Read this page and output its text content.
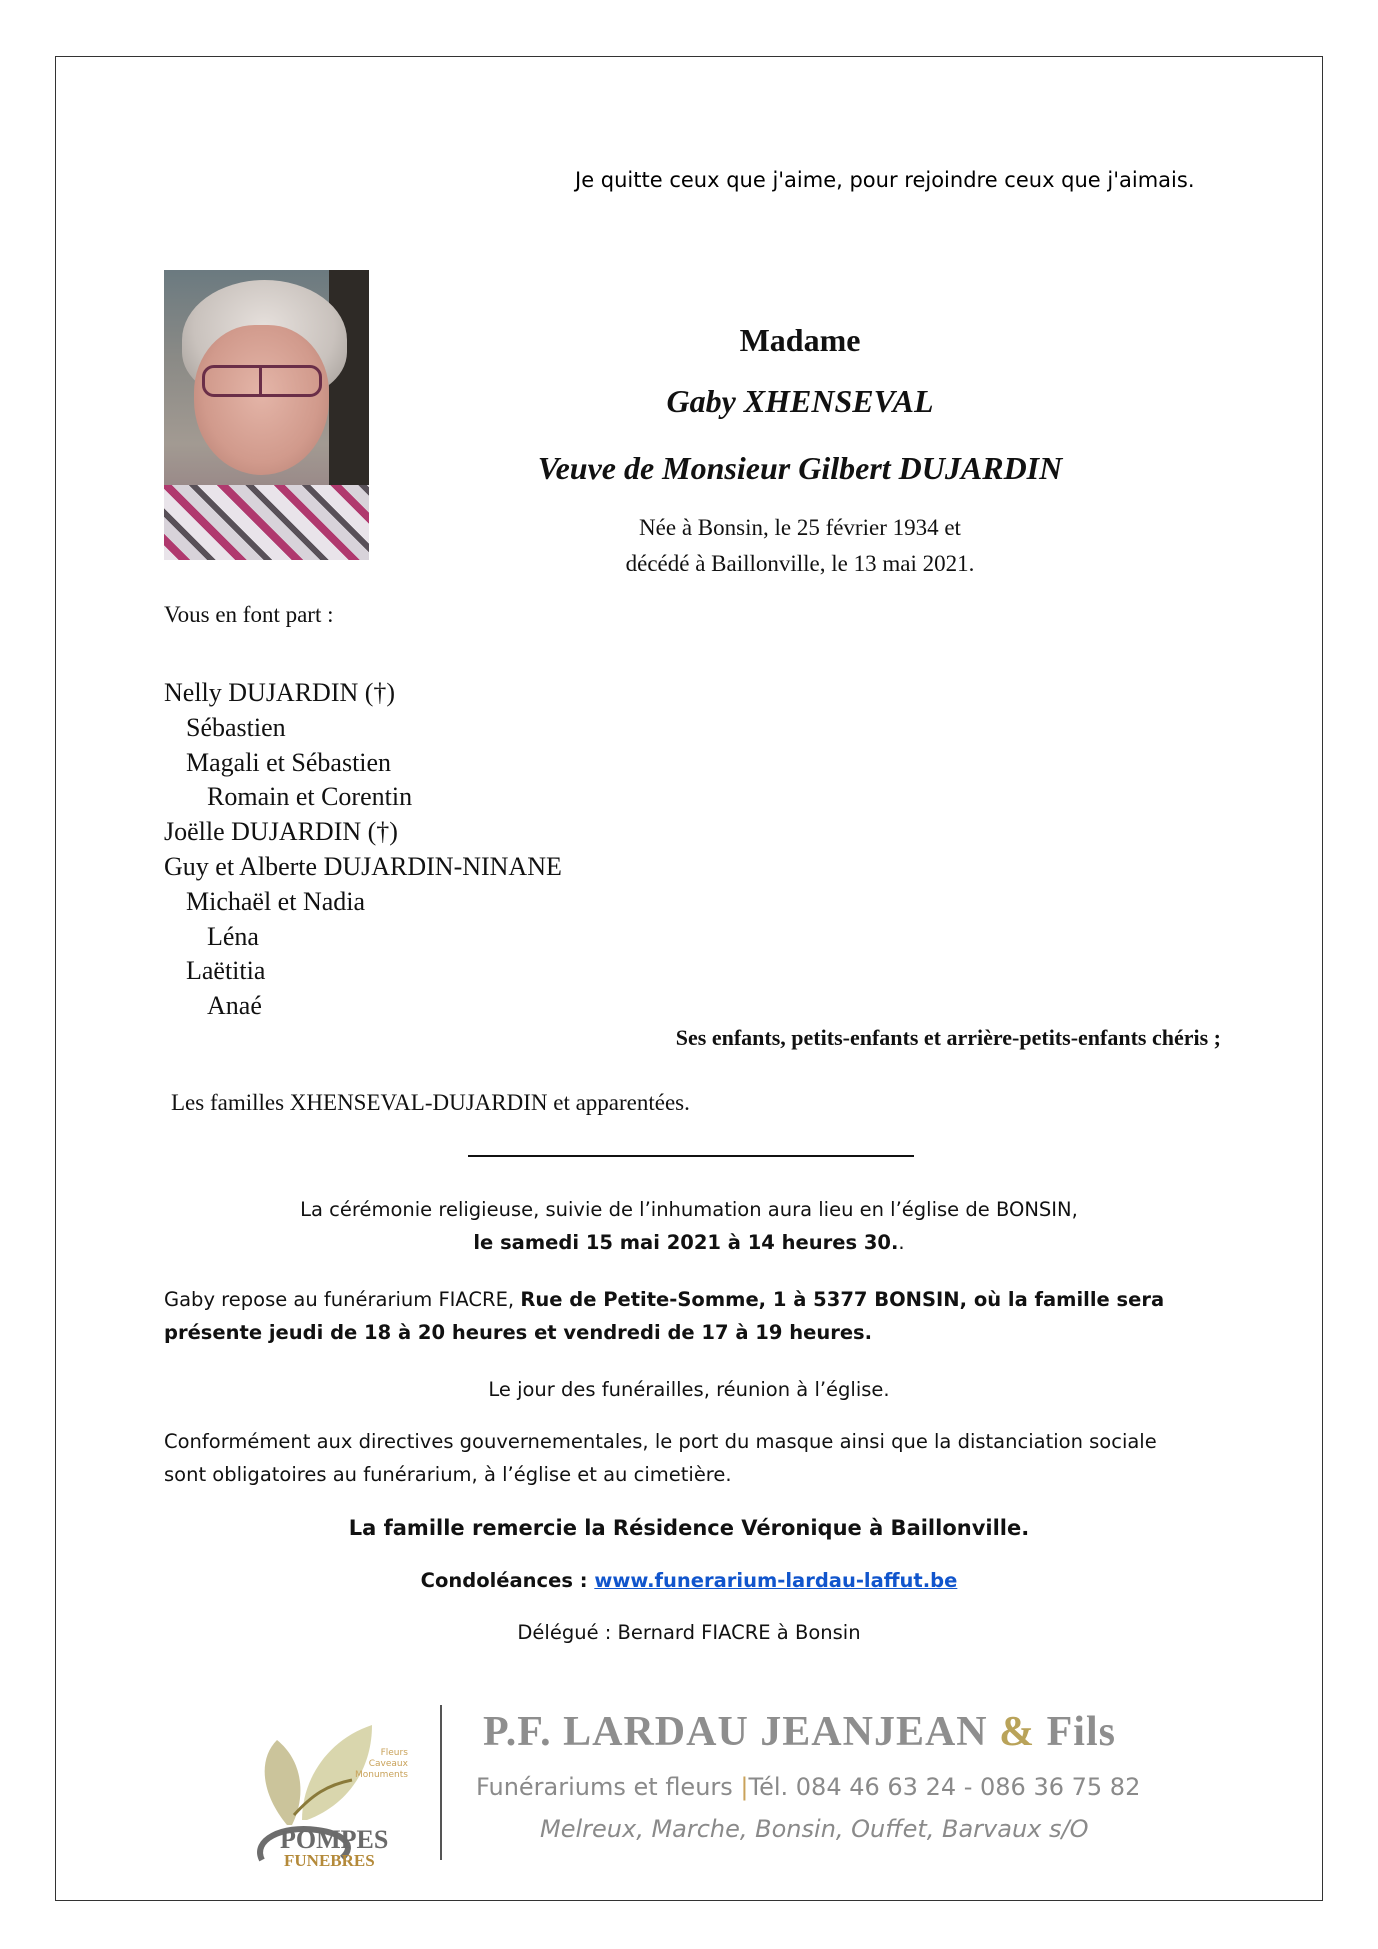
Je quitte ceux que j'aime, pour rejoindre ceux que j'aimais.
Madame
Gaby XHENSEVAL
Veuve de Monsieur Gilbert DUJARDIN
Née à Bonsin, le 25 février 1934 et
décédé à Baillonville, le 13 mai 2021.
Vous en font part :
Nelly DUJARDIN (†)
Sébastien
Magali et Sébastien
Romain et Corentin
Joëlle DUJARDIN (†)
Guy et Alberte DUJARDIN-NINANE
Michaël et Nadia
Léna
Laëtitia
Anaé
Ses enfants, petits-enfants et arrière-petits-enfants chéris ;
Les familles XHENSEVAL-DUJARDIN et apparentées.
La cérémonie religieuse, suivie de l’inhumation aura lieu en l’église de BONSIN,
le samedi 15 mai 2021 à 14 heures 30..
Gaby repose au funérarium FIACRE, Rue de Petite-Somme, 1 à 5377 BONSIN, où la famille sera
présente jeudi de 18 à 20 heures et vendredi de 17 à 19 heures.
Le jour des funérailles, réunion à l’église.
Conformément aux directives gouvernementales, le port du masque ainsi que la distanciation sociale
sont obligatoires au funérarium, à l’église et au cimetière.
La famille remercie la Résidence Véronique à Baillonville.
Condoléances : www.funerarium-lardau-laffut.be
Délégué : Bernard FIACRE à Bonsin
POMPES
FUNEBRES
Fleurs
Caveaux
Monuments
P.F. LARDAU JEANJEAN & Fils
Funérariums et fleurs |Tél. 084 46 63 24 - 086 36 75 82
Melreux, Marche, Bonsin, Ouffet, Barvaux s/O
